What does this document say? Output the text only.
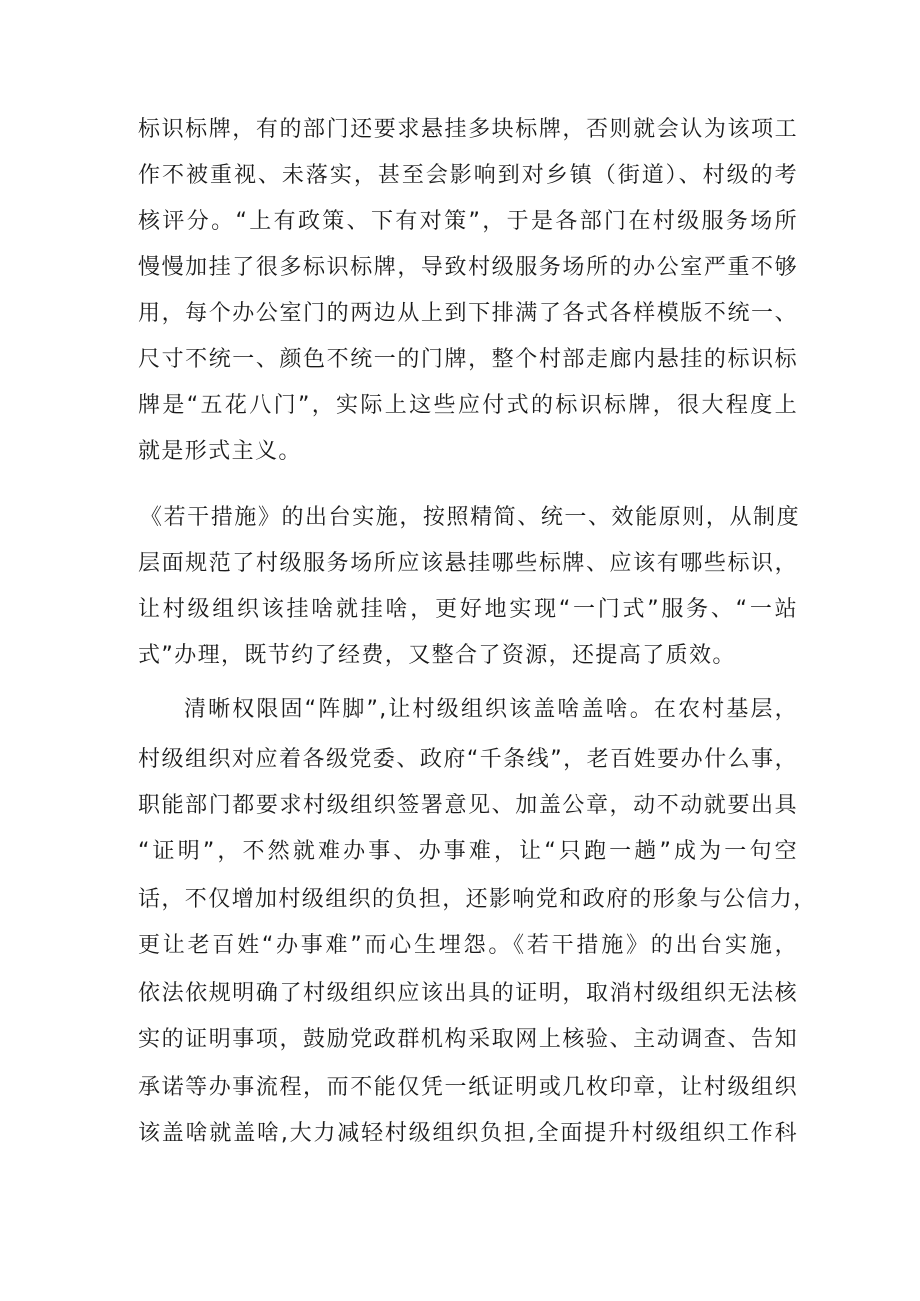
标识标牌，有的部门还要求悬挂多块标牌，否则就会认为该项工
作不被重视、未落实，甚至会影响到对乡镇（街道）、村级的考
核评分。“上有政策、下有对策”，于是各部门在村级服务场所
慢慢加挂了很多标识标牌，导致村级服务场所的办公室严重不够
用，每个办公室门的两边从上到下排满了各式各样模版不统一、
尺寸不统一、颜色不统一的门牌，整个村部走廊内悬挂的标识标
牌是“五花八门”，实际上这些应付式的标识标牌，很大程度上
就是形式主义。
《若干措施》的出台实施，按照精简、统一、效能原则，从制度
层面规范了村级服务场所应该悬挂哪些标牌、应该有哪些标识，
让村级组织该挂啥就挂啥，更好地实现“一门式”服务、“一站
式”办理，既节约了经费，又整合了资源，还提高了质效。
清晰权限固“阵脚”,让村级组织该盖啥盖啥。在农村基层，
村级组织对应着各级党委、政府“千条线”，老百姓要办什么事，
职能部门都要求村级组织签署意见、加盖公章，动不动就要出具
“证明”，不然就难办事、办事难，让“只跑一趟”成为一句空
话，不仅增加村级组织的负担，还影响党和政府的形象与公信力，
更让老百姓“办事难”而心生埋怨。《若干措施》的出台实施，
依法依规明确了村级组织应该出具的证明，取消村级组织无法核
实的证明事项，鼓励党政群机构采取网上核验、主动调查、告知
承诺等办事流程，而不能仅凭一纸证明或几枚印章，让村级组织
该盖啥就盖啥,大力减轻村级组织负担,全面提升村级组织工作科
